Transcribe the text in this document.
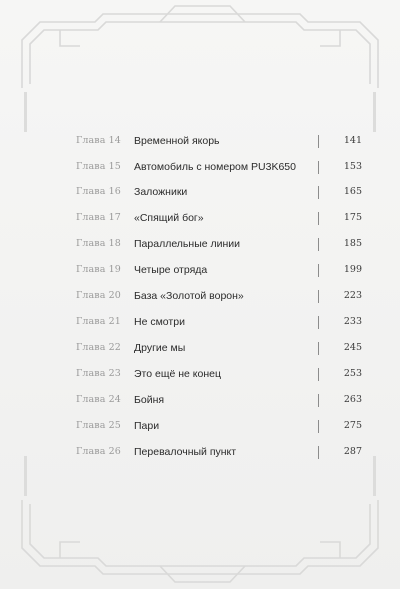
Глава 14 Временной якорь	141
Глава 15 Автомобиль с номером PU3K650	153
Глава 16 Заложники	165
Глава 17 «Спящий бог»	175
Глава 18 Параллельные линии	185
Глава 19 Четыре отряда	199
Глава 20 База «Золотой ворон»	223
Глава 21 Не смотри	233
Глава 22 Другие мы	245
Глава 23 Это ещё не конец	253
Глава 24 Бойня	263
Глава 25 Пари	275
Глава 26 Перевалочный пункт	287
